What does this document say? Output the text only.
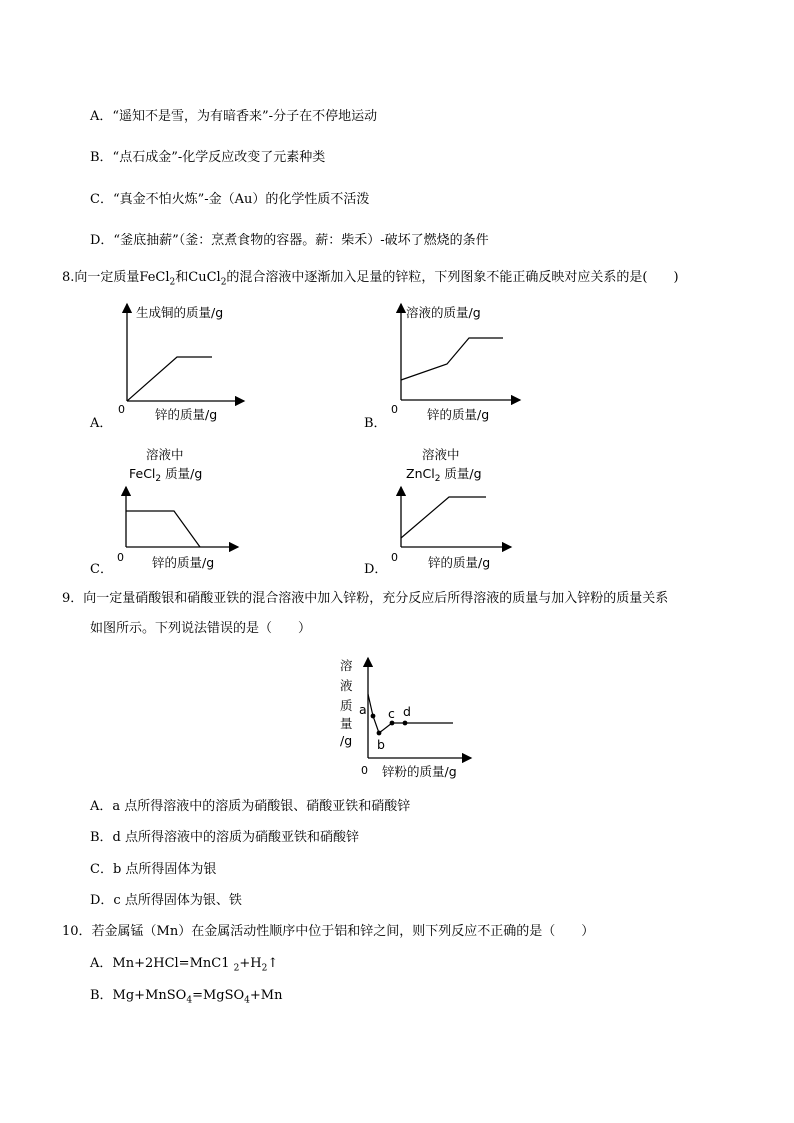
A．“遥知不是雪，为有暗香来”-分子在不停地运动
B．“点石成金”-化学反应改变了元素种类
C．“真金不怕火炼”-金（Au）的化学性质不活泼
D．“釜底抽薪”（釜：烹煮食物的容器。薪：柴禾）-破坏了燃烧的条件
8.向一定质量FeCl$_2$和CuCl$_2$的混合溶液中逐渐加入足量的锌粒，下列图象不能正确反映对应关系的是(　　)
生成铜的质量/g
锌的质量/g
0
A．
溶液的质量/g
锌的质量/g
0
B．
溶液中
FeCl$_2$ 质量/g
锌的质量/g
0
C．
溶液中
ZnCl$_2$ 质量/g
锌的质量/g
0
D．
9．向一定量硝酸银和硝酸亚铁的混合溶液中加入锌粉，充分反应后所得溶液的质量与加入锌粉的质量关系
如图所示。下列说法错误的是（　　）
a
b
c d
溶
液
质
量
/g
锌粉的质量/g
0
A．a 点所得溶液中的溶质为硝酸银、硝酸亚铁和硝酸锌
B．d 点所得溶液中的溶质为硝酸亚铁和硝酸锌
C．b 点所得固体为银
D．c 点所得固体为银、铁
10．若金属锰（Mn）在金属活动性顺序中位于铝和锌之间，则下列反应不正确的是（　　）
A．Mn+2HCl=MnC1 $_2+H_2↑$
B．Mg+MnSO$_4$=MgSO$_4$+Mn
